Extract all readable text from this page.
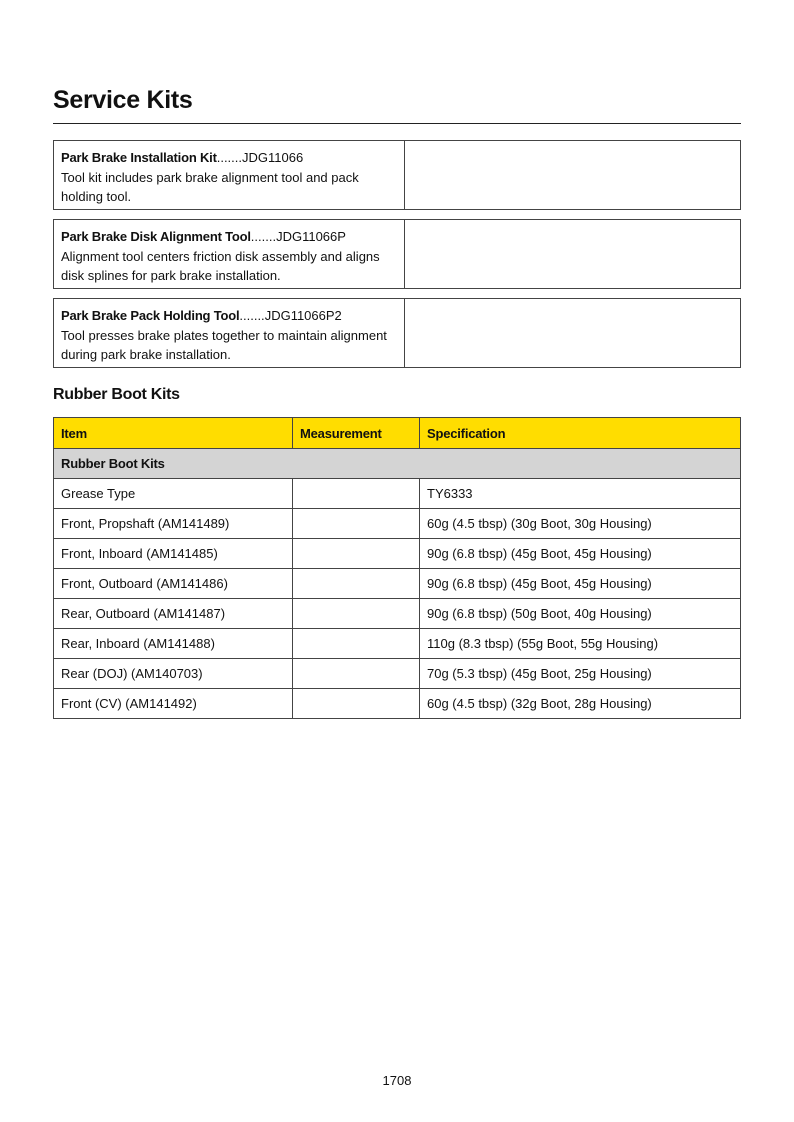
Service Kits
Park Brake Installation Kit.......JDG11066
Tool kit includes park brake alignment tool and pack holding tool.
Park Brake Disk Alignment Tool.......JDG11066P
Alignment tool centers friction disk assembly and aligns disk splines for park brake installation.
Park Brake Pack Holding Tool.......JDG11066P2
Tool presses brake plates together to maintain alignment during park brake installation.
Rubber Boot Kits
Item	Measurement	Specification
Rubber Boot Kits		
Grease Type		TY6333
Front, Propshaft (AM141489)		60g (4.5 tbsp) (30g Boot, 30g Housing)
Front, Inboard (AM141485)		90g (6.8 tbsp) (45g Boot, 45g Housing)
Front, Outboard (AM141486)		90g (6.8 tbsp) (45g Boot, 45g Housing)
Rear, Outboard (AM141487)		90g (6.8 tbsp) (50g Boot, 40g Housing)
Rear, Inboard (AM141488)		110g (8.3 tbsp) (55g Boot, 55g Housing)
Rear (DOJ) (AM140703)		70g (5.3 tbsp) (45g Boot, 25g Housing)
Front (CV) (AM141492)		60g (4.5 tbsp) (32g Boot, 28g Housing)
1708
